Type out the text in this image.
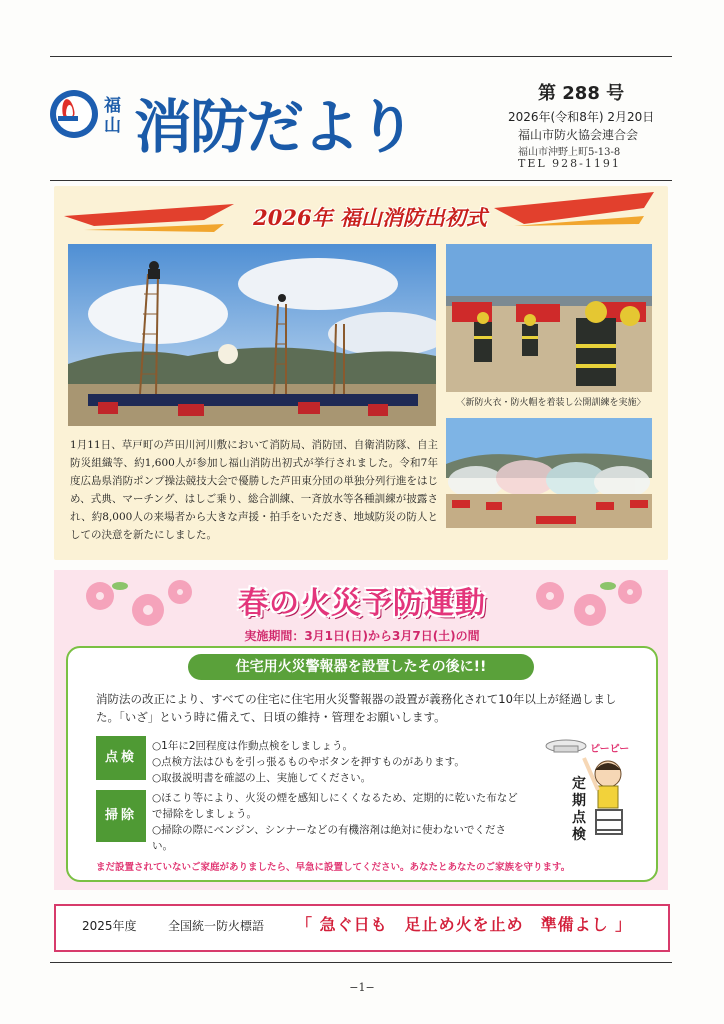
福山 消防だより	第 288 号
2026年(令和8年) 2月20日
福山市防火協会連合会
福山市沖野上町5-13-8
TEL 928-1191
2026年 福山消防出初式
〈新防火衣・防火帽を着装し公開訓練を実施〉
1月11日、草戸町の芦田川河川敷において消防局、消防団、自衛消防隊、自主防災組織等、約1,600人が参加し福山消防出初式が挙行されました。令和7年度広島県消防ポンプ操法競技大会で優勝した芦田東分団の単独分列行進をはじめ、式典、マーチング、はしご乗り、総合訓練、一斉放水等各種訓練が披露され、約8,000人の来場者から大きな声援・拍手をいただき、地域防災の防人としての決意を新たにしました。
春の火災予防運動
実施期間：3月1日(日)から3月7日(土)の間
住宅用火災警報器を設置したその後に!!
消防法の改正により、すべての住宅に住宅用火災警報器の設置が義務化されて10年以上が経過しました。「いざ」という時に備えて、日頃の維持・管理をお願いします。
点検
○1年に2回程度は作動点検をしましょう。
○点検方法はひもを引っ張るものやボタンを押すものがあります。
○取扱説明書を確認の上、実施してください。
掃除
○ほこり等により、火災の煙を感知しにくくなるため、定期的に乾いた布などで掃除をしましょう。
○掃除の際にベンジン、シンナーなどの有機溶剤は絶対に使わないでください。
ピーピー
定期点検
まだ設置されていないご家庭がありましたら、早急に設置してください。あなたとあなたのご家族を守ります。
2025年度	全国統一防火標語 「 急ぐ日も　足止め火を止め　準備よし 」
−1−
